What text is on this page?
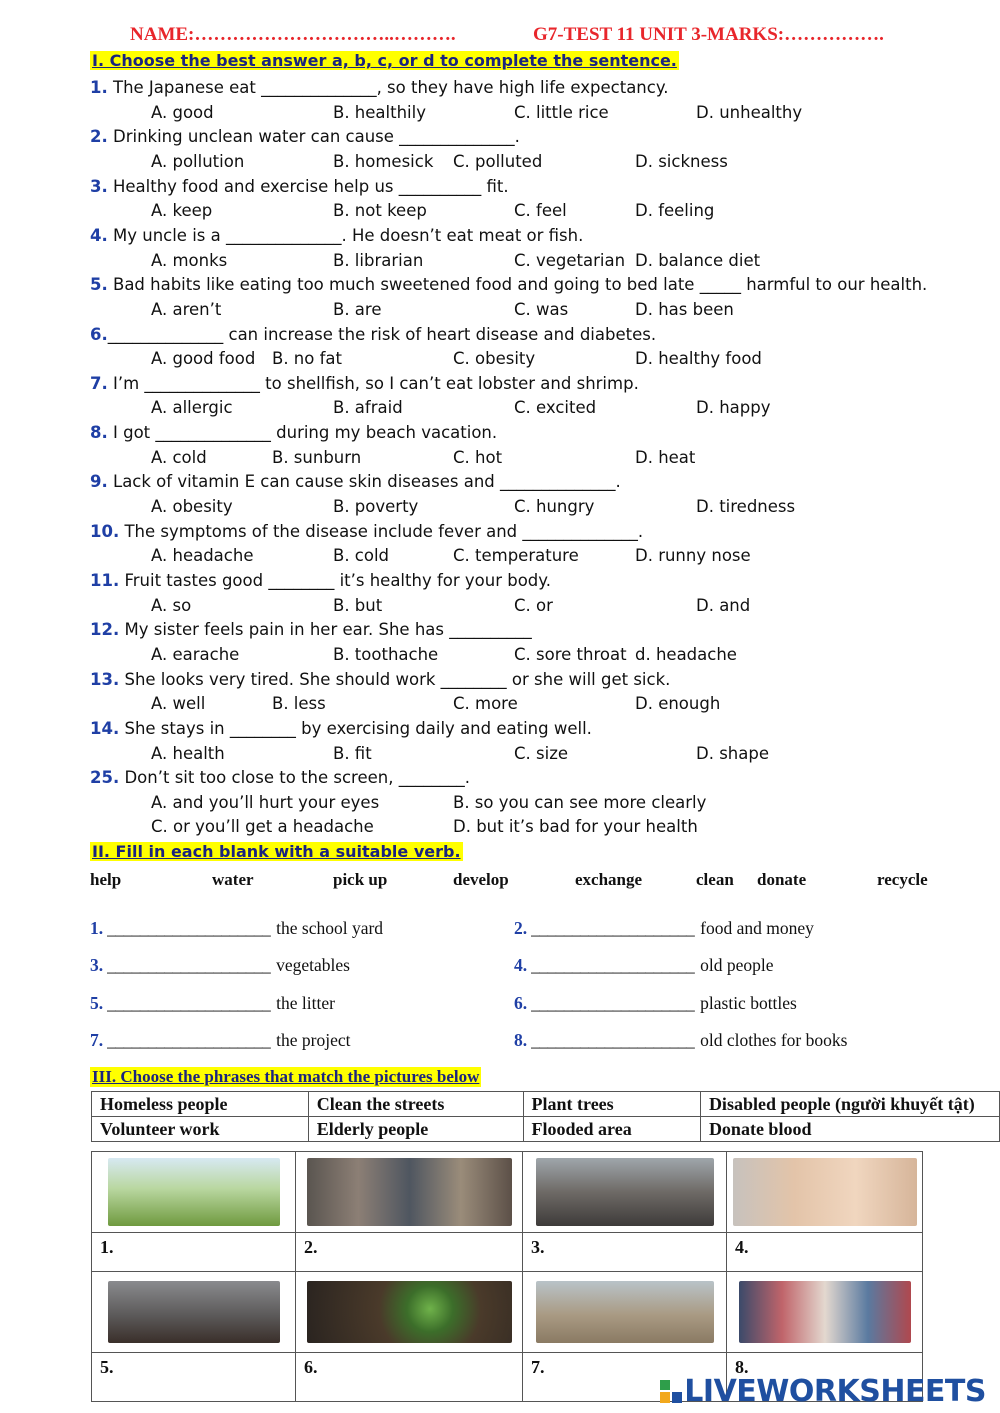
NAME:…………………………..……….	G7-TEST 11 UNIT 3-MARKS:…………….
I. Choose the best answer a, b, c, or d to complete the sentence.
1. The Japanese eat ______________, so they have high life expectancy.
A. good	B. healthily	C. little rice	D. unhealthy
2. Drinking unclean water can cause ______________.
A. pollution	B. homesick C. polluted	D. sickness
3. Healthy food and exercise help us __________ fit.
A. keep	B. not keep	C. feel	D. feeling
4. My uncle is a ______________. He doesn’t eat meat or fish.
A. monks	B. librarian	C. vegetarian D. balance diet
5. Bad habits like eating too much sweetened food and going to bed late _____ harmful to our health.
A. aren’t	B. are	C. was	D. has been
6.______________ can increase the risk of heart disease and diabetes.
A. good food B. no fat	C. obesity	D. healthy food
7. I’m ______________ to shellfish, so I can’t eat lobster and shrimp.
A. allergic	B. afraid	C. excited	D. happy
8. I got ______________ during my beach vacation.
A. cold	B. sunburn	C. hot	D. heat
9. Lack of vitamin E can cause skin diseases and ______________.
A. obesity	B. poverty	C. hungry	D. tiredness
10. The symptoms of the disease include fever and ______________.
A. headache	B. cold	C. temperature	D. runny nose
11. Fruit tastes good ________ it’s healthy for your body.
A. so	B. but	C. or	D. and
12. My sister feels pain in her ear. She has __________
A. earache	B. toothache	C. sore throat d. headache
13. She looks very tired. She should work ________ or she will get sick.
A. well	B. less	C. more	D. enough
14. She stays in ________ by exercising daily and eating well.
A. health	B. fit	C. size	D. shape
25. Don’t sit too close to the screen, ________.
A. and you’ll hurt your eyes	B. so you can see more clearly
C. or you’ll get a headache	D. but it’s bad for your health
II. Fill in each blank with a suitable verb.
help	water	pick up	develop	exchange	clean donate	recycle
1. ____________________ the school yard	2. ____________________ food and money
3. ____________________ vegetables	4. ____________________ old people
5. ____________________ the litter	6. ____________________ plastic bottles
7. ____________________ the project	8. ____________________ old clothes for books
III. Choose the phrases that match the pictures below
Homeless people	Clean the streets	Plant trees	Disabled people (người khuyết tật)
Volunteer work	Elderly people	Flooded area	Donate blood

1.	2.	3.	4.

5.	6.	7.	8.
LIVEWORKSHEETS
